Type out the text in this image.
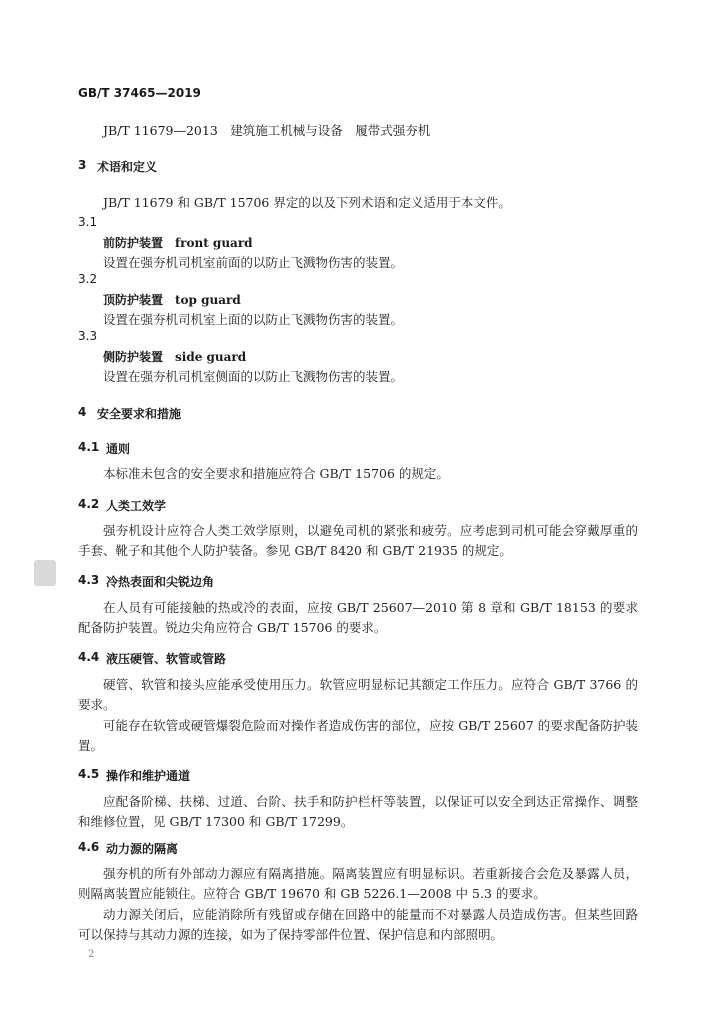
GB/T 37465—2019
JB/T 11679—2013　建筑施工机械与设备　履带式强夯机
3 术语和定义
JB/T 11679 和 GB/T 15706 界定的以及下列术语和定义适用于本文件。
3.1
前防护装置　front guard
设置在强夯机司机室前面的以防止飞溅物伤害的装置。
3.2
顶防护装置　top guard
设置在强夯机司机室上面的以防止飞溅物伤害的装置。
3.3
侧防护装置　side guard
设置在强夯机司机室侧面的以防止飞溅物伤害的装置。
4 安全要求和措施
4.1 通则
本标准未包含的安全要求和措施应符合 GB/T 15706 的规定。
4.2 人类工效学
强夯机设计应符合人类工效学原则，以避免司机的紧张和疲劳。应考虑到司机可能会穿戴厚重的手套、靴子和其他个人防护装备。参见 GB/T 8420 和 GB/T 21935 的规定。
4.3 冷热表面和尖锐边角
在人员有可能接触的热或冷的表面，应按 GB/T 25607—2010 第 8 章和 GB/T 18153 的要求配备防护装置。锐边尖角应符合 GB/T 15706 的要求。
4.4 液压硬管、软管或管路
硬管、软管和接头应能承受使用压力。软管应明显标记其额定工作压力。应符合 GB/T 3766 的要求。
可能存在软管或硬管爆裂危险而对操作者造成伤害的部位，应按 GB/T 25607 的要求配备防护装置。
4.5 操作和维护通道
应配备阶梯、扶梯、过道、台阶、扶手和防护栏杆等装置，以保证可以安全到达正常操作、调整和维修位置，见 GB/T 17300 和 GB/T 17299。
4.6 动力源的隔离
强夯机的所有外部动力源应有隔离措施。隔离装置应有明显标识。若重新接合会危及暴露人员，则隔离装置应能锁住。应符合 GB/T 19670 和 GB 5226.1—2008 中 5.3 的要求。
动力源关闭后，应能消除所有残留或存储在回路中的能量而不对暴露人员造成伤害。但某些回路可以保持与其动力源的连接，如为了保持零部件位置、保护信息和内部照明。
2
